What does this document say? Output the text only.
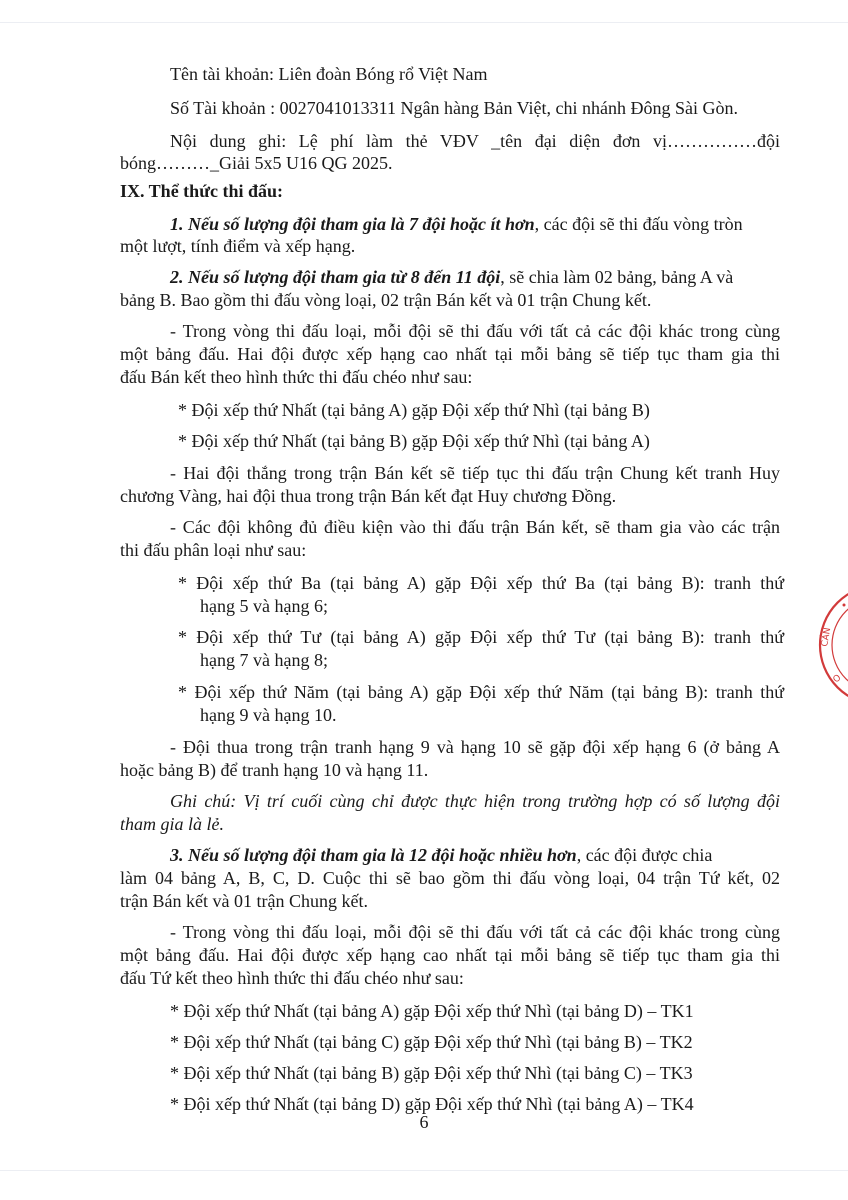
Tên tài khoản: Liên đoàn Bóng rổ Việt Nam
Số Tài khoản : 0027041013311 Ngân hàng Bản Việt, chi nhánh Đông Sài Gòn.
Nội dung ghi: Lệ phí làm thẻ VĐV _tên đại diện đơn vị……………đội
bóng………_Giải 5x5 U16 QG 2025.
IX. Thể thức thi đấu:
1. Nếu số lượng đội tham gia là 7 đội hoặc ít hơn, các đội sẽ thi đấu vòng tròn
một lượt, tính điểm và xếp hạng.
2. Nếu số lượng đội tham gia từ 8 đến 11 đội, sẽ chia làm 02 bảng, bảng A và
bảng B. Bao gồm thi đấu vòng loại, 02 trận Bán kết và 01 trận Chung kết.
- Trong vòng thi đấu loại, mỗi đội sẽ thi đấu với tất cả các đội khác trong cùng
một bảng đấu. Hai đội được xếp hạng cao nhất tại mỗi bảng sẽ tiếp tục tham gia thi
đấu Bán kết theo hình thức thi đấu chéo như sau:
* Đội xếp thứ Nhất (tại bảng A) gặp Đội xếp thứ Nhì (tại bảng B)
* Đội xếp thứ Nhất (tại bảng B) gặp Đội xếp thứ Nhì (tại bảng A)
- Hai đội thắng trong trận Bán kết sẽ tiếp tục thi đấu trận Chung kết tranh Huy
chương Vàng, hai đội thua trong trận Bán kết đạt Huy chương Đồng.
- Các đội không đủ điều kiện vào thi đấu trận Bán kết, sẽ tham gia vào các trận
thi đấu phân loại như sau:
* Đội xếp thứ Ba (tại bảng A) gặp Đội xếp thứ Ba (tại bảng B): tranh thứ
hạng 5 và hạng 6;
* Đội xếp thứ Tư (tại bảng A) gặp Đội xếp thứ Tư (tại bảng B): tranh thứ
hạng 7 và hạng 8;
* Đội xếp thứ Năm (tại bảng A) gặp Đội xếp thứ Năm (tại bảng B): tranh thứ
hạng 9 và hạng 10.
- Đội thua trong trận tranh hạng 9 và hạng 10 sẽ gặp đội xếp hạng 6 (ở bảng A
hoặc bảng B) để tranh hạng 10 và hạng 11.
Ghi chú: Vị trí cuối cùng chỉ được thực hiện trong trường hợp có số lượng đội
tham gia là lẻ.
3. Nếu số lượng đội tham gia là 12 đội hoặc nhiều hơn, các đội được chia
làm 04 bảng A, B, C, D. Cuộc thi sẽ bao gồm thi đấu vòng loại, 04 trận Tứ kết, 02
trận Bán kết và 01 trận Chung kết.
- Trong vòng thi đấu loại, mỗi đội sẽ thi đấu với tất cả các đội khác trong cùng
một bảng đấu. Hai đội được xếp hạng cao nhất tại mỗi bảng sẽ tiếp tục tham gia thi
đấu Tứ kết theo hình thức thi đấu chéo như sau:
* Đội xếp thứ Nhất (tại bảng A) gặp Đội xếp thứ Nhì (tại bảng D) – TK1
* Đội xếp thứ Nhất (tại bảng C) gặp Đội xếp thứ Nhì (tại bảng B) – TK2
* Đội xếp thứ Nhất (tại bảng B) gặp Đội xếp thứ Nhì (tại bảng C) – TK3
* Đội xếp thứ Nhất (tại bảng D) gặp Đội xếp thứ Nhì (tại bảng A) – TK4
6
CẦN
O
